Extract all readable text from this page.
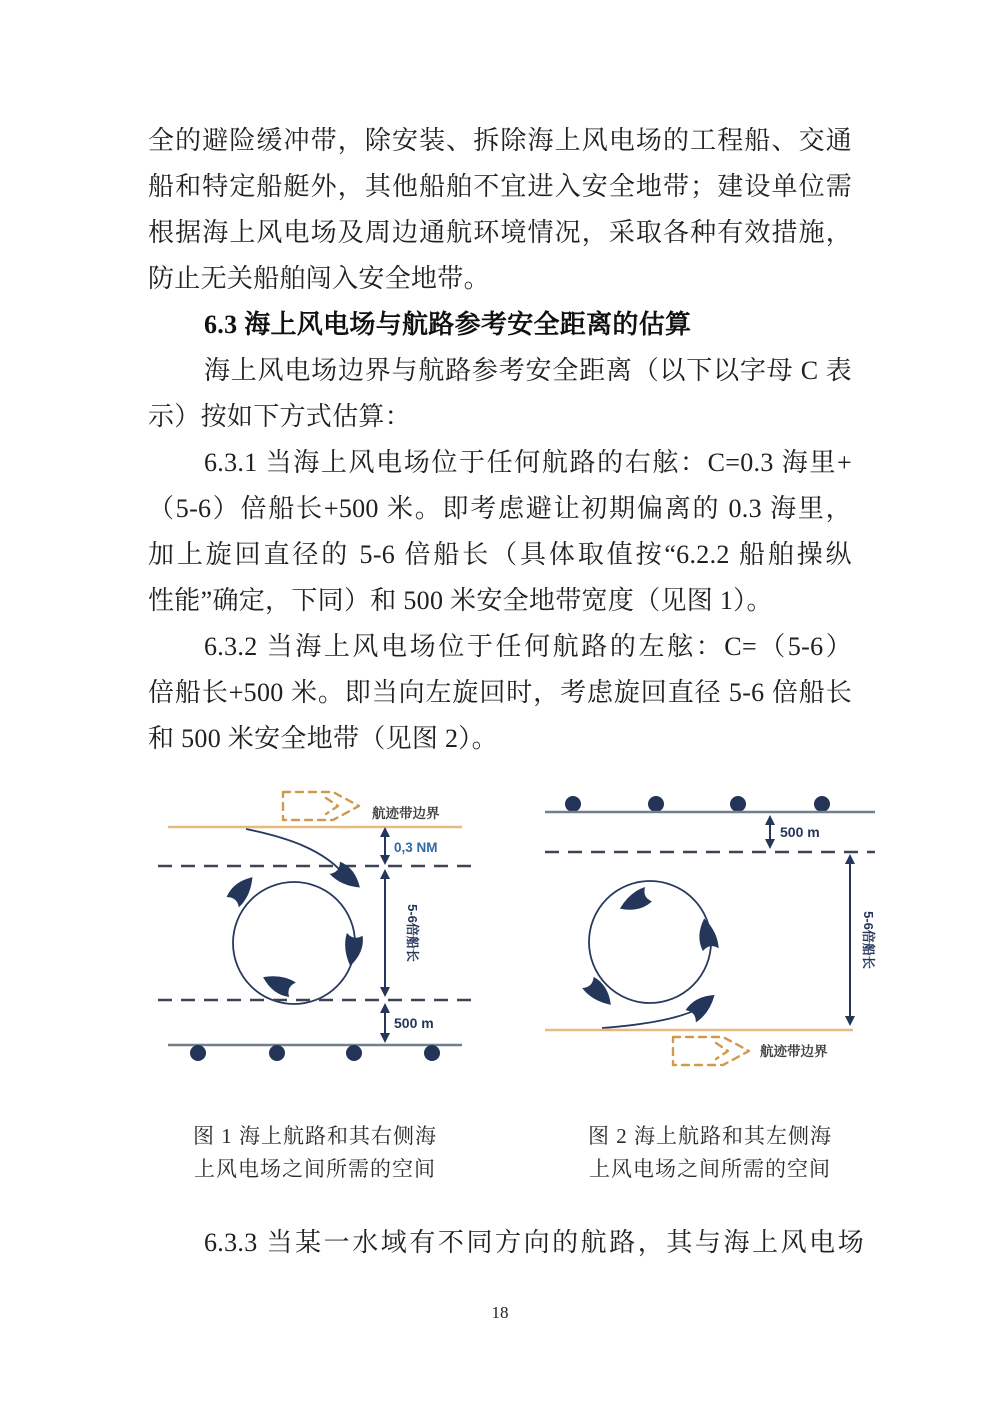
全的避险缓冲带，除安装、拆除海上风电场的工程船、交通
船和特定船艇外，其他船舶不宜进入安全地带；建设单位需
根据海上风电场及周边通航环境情况，采取各种有效措施，
防止无关船舶闯入安全地带。
6.3 海上风电场与航路参考安全距离的估算
海上风电场边界与航路参考安全距离（以下以字母 C 表
示）按如下方式估算：
6.3.1 当海上风电场位于任何航路的右舷：C=0.3 海里+
（5-6）倍船长+500 米。即考虑避让初期偏离的 0.3 海里，
加上旋回直径的 5-6 倍船长（具体取值按“6.2.2 船舶操纵
性能”确定，下同）和 500 米安全地带宽度（见图 1）。
6.3.2 当海上风电场位于任何航路的左舷：C=（5-6）
倍船长+500 米。即当向左旋回时，考虑旋回直径 5-6 倍船长
和 500 米安全地带（见图 2）。
航迹带边界
0,3 NM
5-6倍船长
500 m
500 m
5-6倍船长
航迹带边界
图 1 海上航路和其右侧海
上风电场之间所需的空间
图 2 海上航路和其左侧海
上风电场之间所需的空间
6.3.3 当某一水域有不同方向的航路，其与海上风电场
18
